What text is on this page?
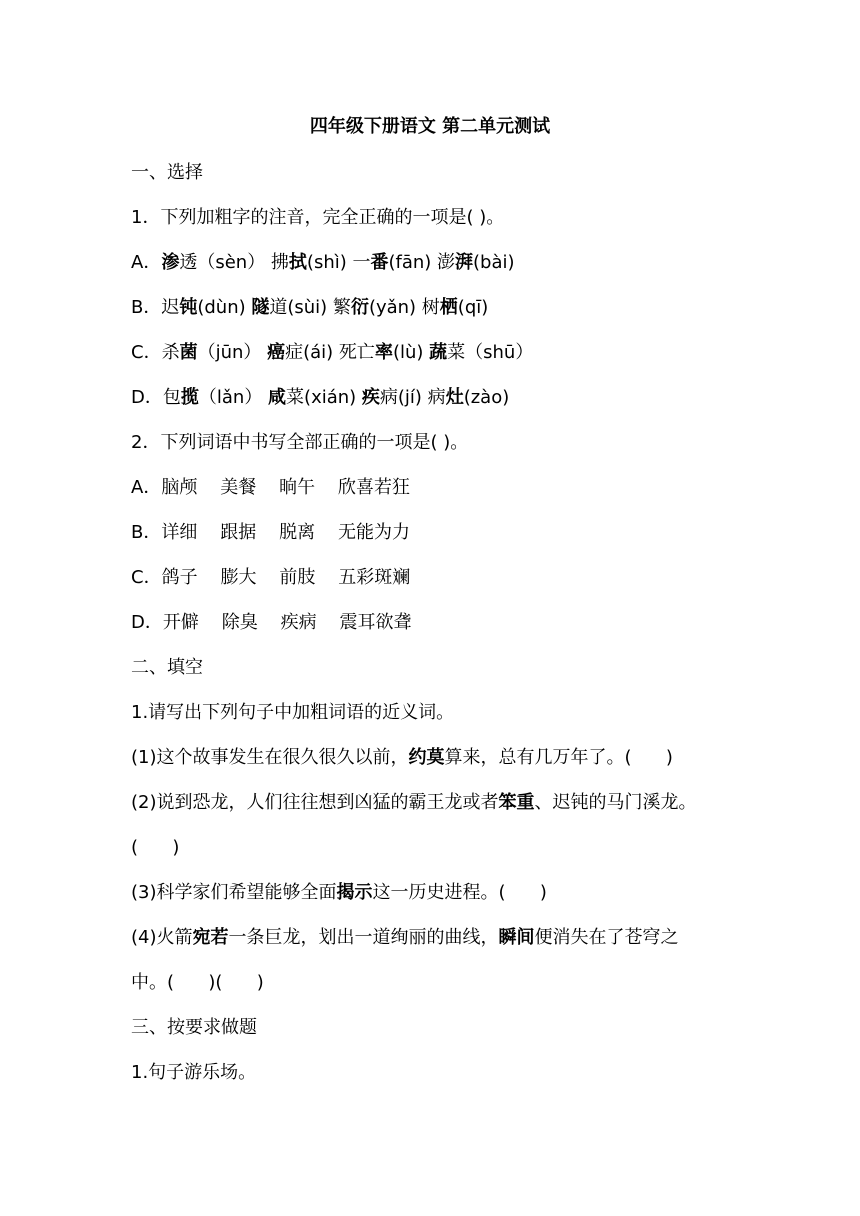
四年级下册语文 第二单元测试
一、选择
1．下列加粗字的注音，完全正确的一项是( )。
A．渗透（sèn） 拂拭(shì) 一番(fān) 澎湃(bài)
B．迟钝(dùn) 隧道(sùi) 繁衍(yǎn) 树栖(qī)
C．杀菌（jūn） 癌症(ái) 死亡率(lù) 蔬菜（shū）
D．包揽（lǎn） 咸菜(xián) 疾病(jí) 病灶(zào)
2．下列词语中书写全部正确的一项是( )。
A．脑颅    美餐    晌午    欣喜若狂
B．详细    跟据    脱离    无能为力
C．鸽子    膨大    前肢    五彩斑斓
D．开僻    除臭    疾病    震耳欲聋
二、填空
1.请写出下列句子中加粗词语的近义词。
(1)这个故事发生在很久很久以前，约莫算来，总有几万年了。(      )
(2)说到恐龙，人们往往想到凶猛的霸王龙或者笨重、迟钝的马门溪龙。
(      )
(3)科学家们希望能够全面揭示这一历史进程。(      )
(4)火箭宛若一条巨龙，划出一道绚丽的曲线，瞬间便消失在了苍穹之
中。(      )(      )
三、按要求做题
1.句子游乐场。
